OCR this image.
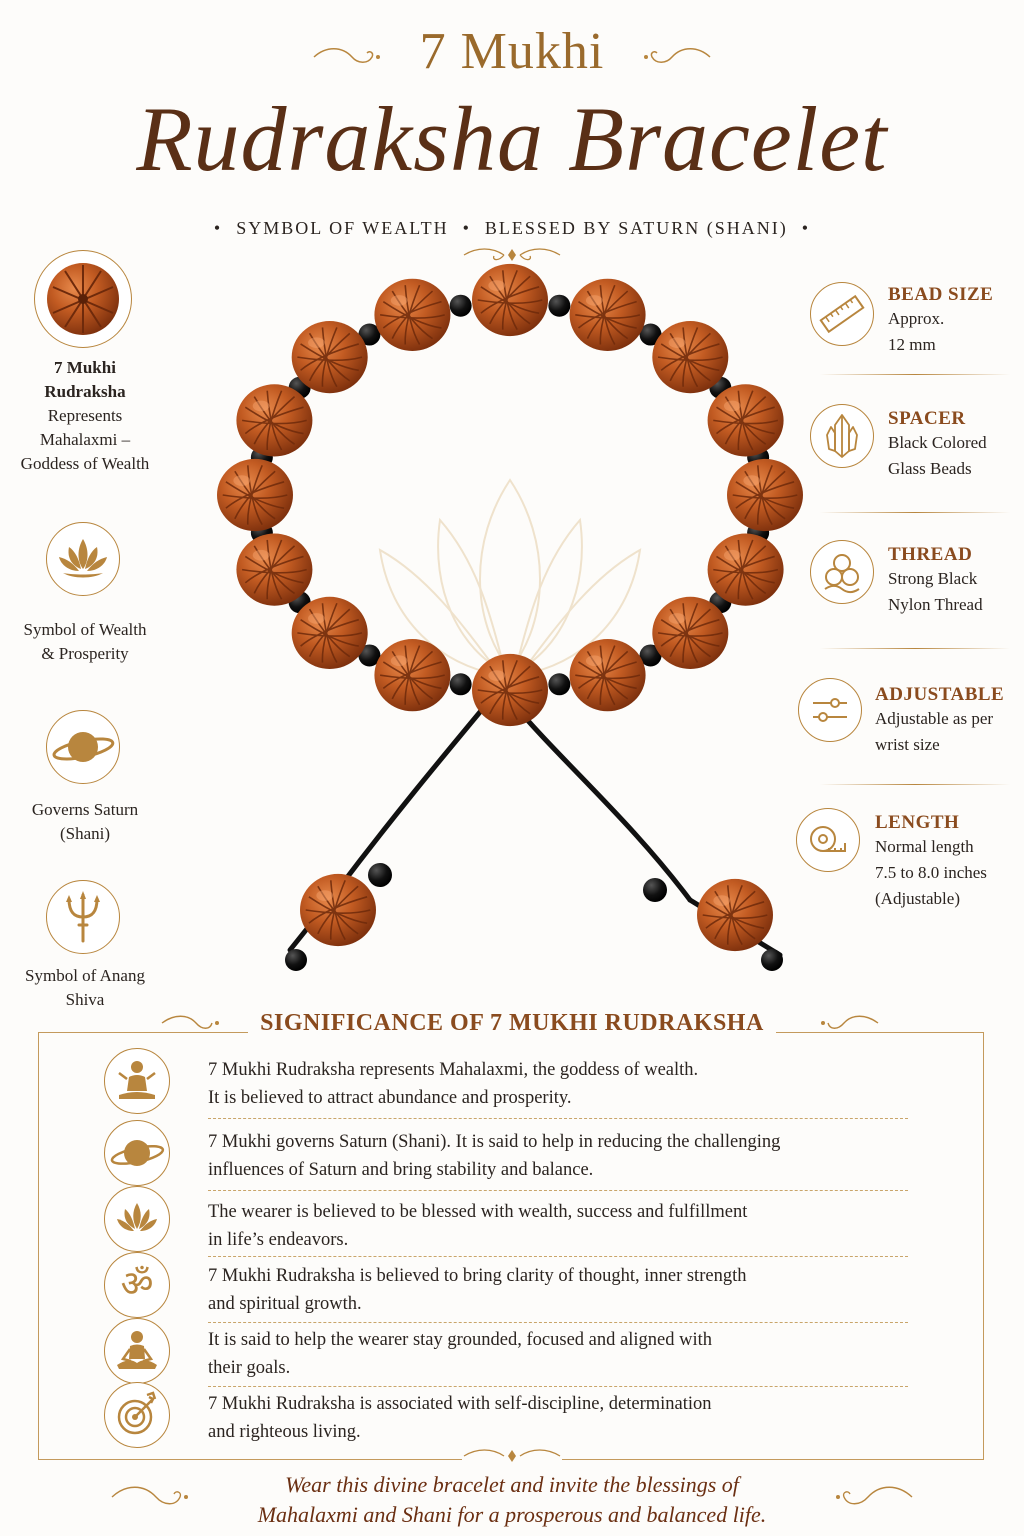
7 Mukhi
Rudraksha Bracelet
• SYMBOL OF WEALTH • BLESSED BY SATURN (SHANI) •
7 Mukhi Rudraksha
Represents Mahalaxmi – Goddess of Wealth
Symbol of Wealth & Prosperity
Governs Saturn (Shani)
Symbol of Anang Shiva
BEAD SIZE
Approx.
12 mm
SPACER
Black Colored
Glass Beads
THREAD
Strong Black
Nylon Thread
ADJUSTABLE
Adjustable as per
wrist size
LENGTH
Normal length
7.5 to 8.0 inches
(Adjustable)
SIGNIFICANCE OF 7 MUKHI RUDRAKSHA
7 Mukhi Rudraksha represents Mahalaxmi, the goddess of wealth.
It is believed to attract abundance and prosperity.
7 Mukhi governs Saturn (Shani). It is said to help in reducing the challenging
influences of Saturn and bring stability and balance.
The wearer is believed to be blessed with wealth, success and fulfillment
in life’s endeavors.
ॐ	7 Mukhi Rudraksha is believed to bring clarity of thought, inner strength
and spiritual growth.
It is said to help the wearer stay grounded, focused and aligned with
their goals.
7 Mukhi Rudraksha is associated with self-discipline, determination
and righteous living.
Wear this divine bracelet and invite the blessings of
Mahalaxmi and Shani for a prosperous and balanced life.
